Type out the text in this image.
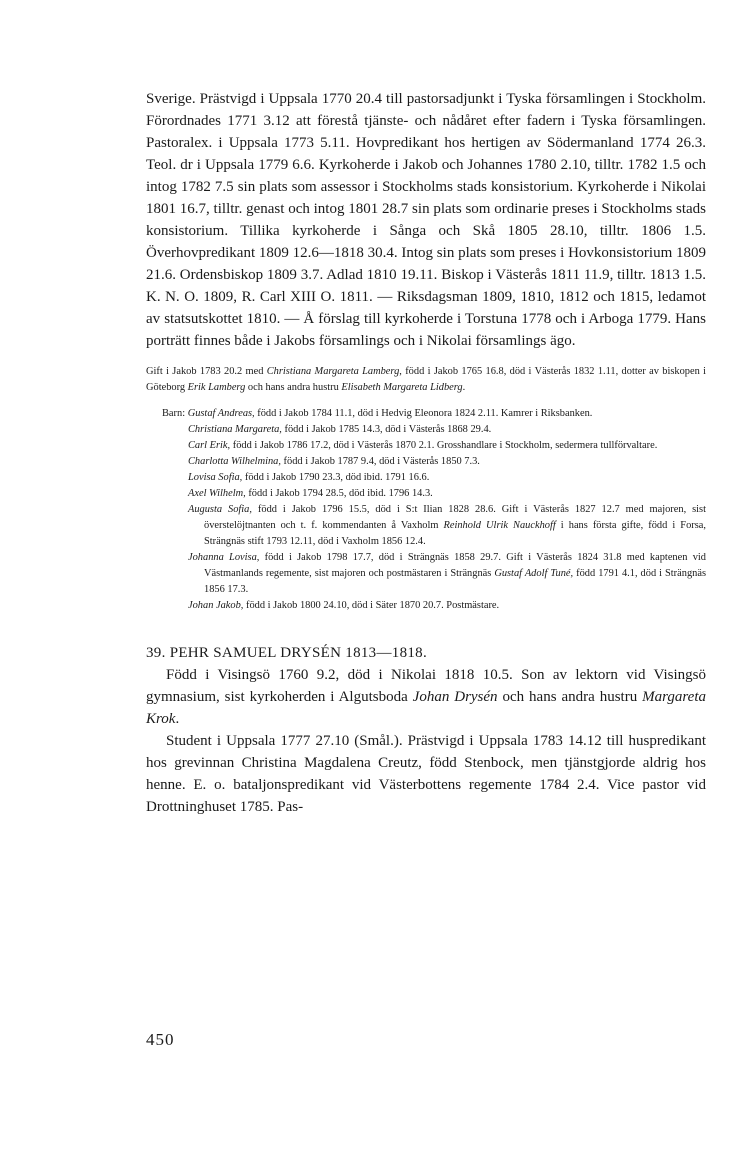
Sverige. Prästvigd i Uppsala 1770 20.4 till pastorsadjunkt i Tyska församlingen i Stockholm. Förordnades 1771 3.12 att förestå tjänste- och nådåret efter fadern i Tyska församlingen. Pastoralex. i Uppsala 1773 5.11. Hovpredikant hos hertigen av Södermanland 1774 26.3. Teol. dr i Uppsala 1779 6.6. Kyrkoherde i Jakob och Johannes 1780 2.10, tilltr. 1782 1.5 och intog 1782 7.5 sin plats som assessor i Stockholms stads konsistorium. Kyrkoherde i Nikolai 1801 16.7, tilltr. genast och intog 1801 28.7 sin plats som ordinarie preses i Stockholms stads konsistorium. Tillika kyrkoherde i Sånga och Skå 1805 28.10, tilltr. 1806 1.5. Överhovpredikant 1809 12.6—1818 30.4. Intog sin plats som preses i Hovkonsistorium 1809 21.6. Ordensbiskop 1809 3.7. Adlad 1810 19.11. Biskop i Västerås 1811 11.9, tilltr. 1813 1.5. K. N. O. 1809, R. Carl XIII O. 1811. — Riksdagsman 1809, 1810, 1812 och 1815, ledamot av statsutskottet 1810. — Å förslag till kyrkoherde i Torstuna 1778 och i Arboga 1779. Hans porträtt finnes både i Jakobs församlings och i Nikolai församlings ägo.

Gift i Jakob 1783 20.2 med Christiana Margareta Lamberg, född i Jakob 1765 16.8, död i Västerås 1832 1.11, dotter av biskopen i Göteborg Erik Lamberg och hans andra hustru Elisabeth Margareta Lidberg.

Barn: Gustaf Andreas, född i Jakob 1784 11.1, död i Hedvig Eleonora 1824 2.11. Kamrer i Riksbanken.

Christiana Margareta, född i Jakob 1785 14.3, död i Västerås 1868 29.4.

Carl Erik, född i Jakob 1786 17.2, död i Västerås 1870 2.1. Grosshandlare i Stockholm, sedermera tullförvaltare.

Charlotta Wilhelmina, född i Jakob 1787 9.4, död i Västerås 1850 7.3.

Lovisa Sofia, född i Jakob 1790 23.3, död ibid. 1791 16.6.

Axel Wilhelm, född i Jakob 1794 28.5, död ibid. 1796 14.3.

Augusta Sofia, född i Jakob 1796 15.5, död i S:t Ilian 1828 28.6. Gift i Västerås 1827 12.7 med majoren, sist överstelöjtnanten och t. f. kommendanten å Vaxholm Reinhold Ulrik Nauckhoff i hans första gifte, född i Forsa, Strängnäs stift 1793 12.11, död i Vaxholm 1856 12.4.

Johanna Lovisa, född i Jakob 1798 17.7, död i Strängnäs 1858 29.7. Gift i Västerås 1824 31.8 med kaptenen vid Västmanlands regemente, sist majoren och postmästaren i Strängnäs Gustaf Adolf Tuné, född 1791 4.1, död i Strängnäs 1856 17.3.

Johan Jakob, född i Jakob 1800 24.10, död i Säter 1870 20.7. Postmästare.

39. PEHR SAMUEL DRYSÉN 1813—1818.

Född i Visingsö 1760 9.2, död i Nikolai 1818 10.5. Son av lektorn vid Visingsö gymnasium, sist kyrkoherden i Algutsboda Johan Drysén och hans andra hustru Margareta Krok.

Student i Uppsala 1777 27.10 (Smål.). Prästvigd i Uppsala 1783 14.12 till huspredikant hos grevinnan Christina Magdalena Creutz, född Stenbock, men tjänstgjorde aldrig hos henne. E. o. bataljonspredikant vid Västerbottens regemente 1784 2.4. Vice pastor vid Drottninghuset 1785. Pas-

450
